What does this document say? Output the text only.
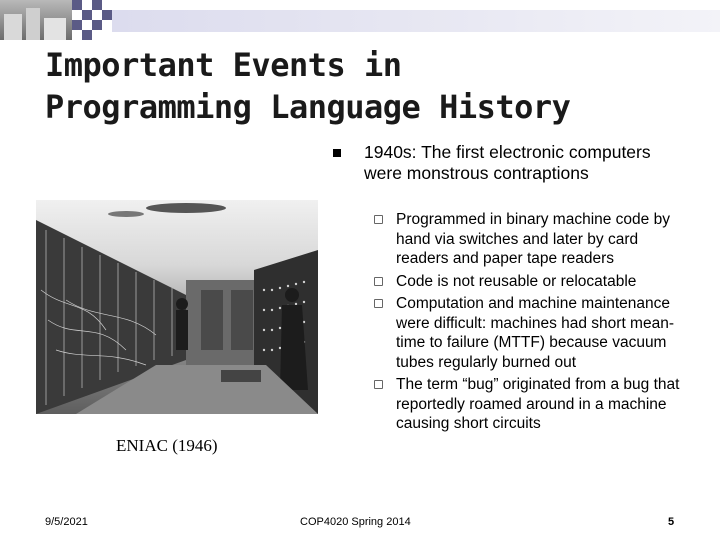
Important Events in
Programming Language History
ENIAC (1946)
1940s: The first electronic computers were monstrous contraptions
Programmed in binary machine code by hand via switches and later by card readers and paper tape readers
Code is not reusable or relocatable
Computation and machine maintenance were difficult: machines had short mean-time to failure (MTTF) because vacuum tubes regularly burned out
The term “bug” originated from a bug that reportedly roamed around in a machine causing short circuits
9/5/2021	COP4020 Spring 2014	5
